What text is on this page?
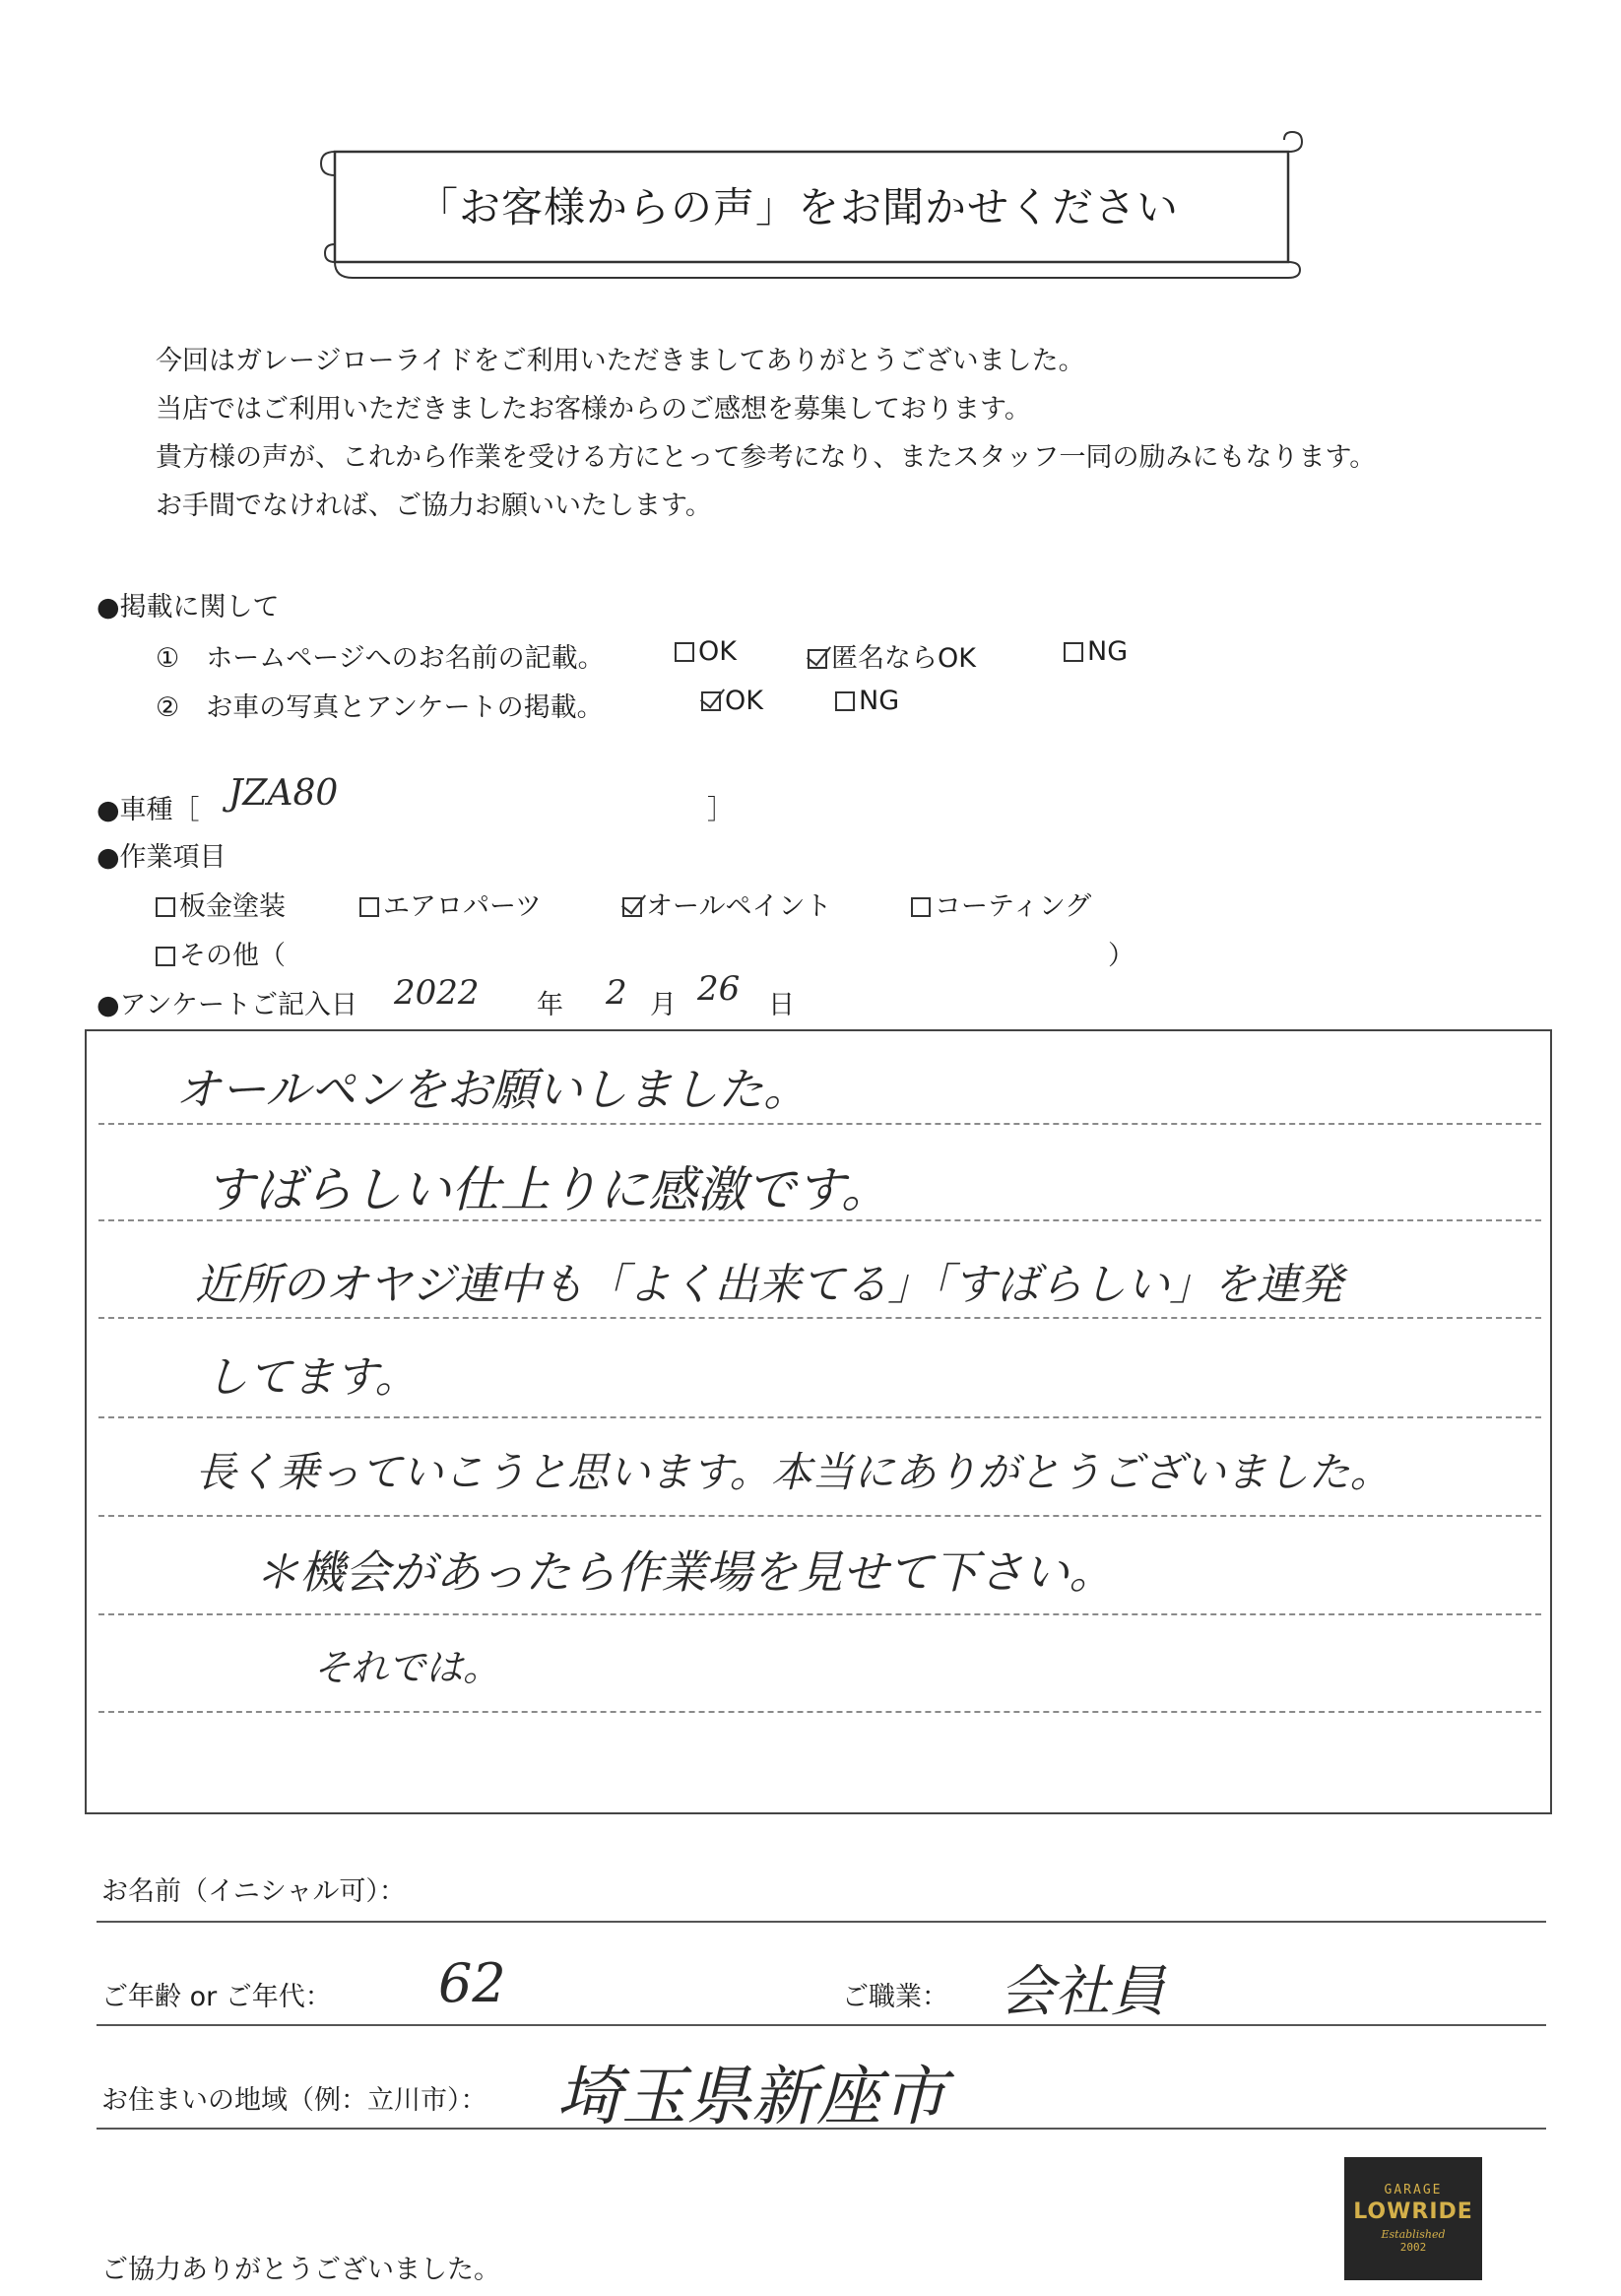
「お客様からの声」をお聞かせください

今回はガレージローライドをご利用いただきましてありがとうございました。

当店ではご利用いただきましたお客様からのご感想を募集しております。

貴方様の声が、これから作業を受ける方にとって参考になり、またスタッフ一同の励みにもなります。

お手間でなければ、ご協力お願いいたします。

●掲載に関して
①　ホームページへのお名前の記載。	OK	匿名ならOK	NG
②　お車の写真とアンケートの掲載。	OK	NG
●車種［ JZA80	］
●作業項目
板金塗装	エアロパーツ	オールペイント	コーティング
その他（	）
●アンケートご記入日 2022 年 2 月 26 日
オールペンをお願いしました。
すばらしい仕上りに感激です。
近所のオヤジ連中も「よく出来てる」「すばらしい」を連発
してます。
長く乗っていこうと思います。本当にありがとうございました。
＊機会があったら作業場を見せて下さい。
それでは。
お名前（イニシャル可）：
ご年齢 or ご年代： 62	ご職業： 会社員
お住まいの地域（例：立川市）： 埼玉県新座市
ご協力ありがとうございました。
GARAGE
LOWRIDE
Established
2002
